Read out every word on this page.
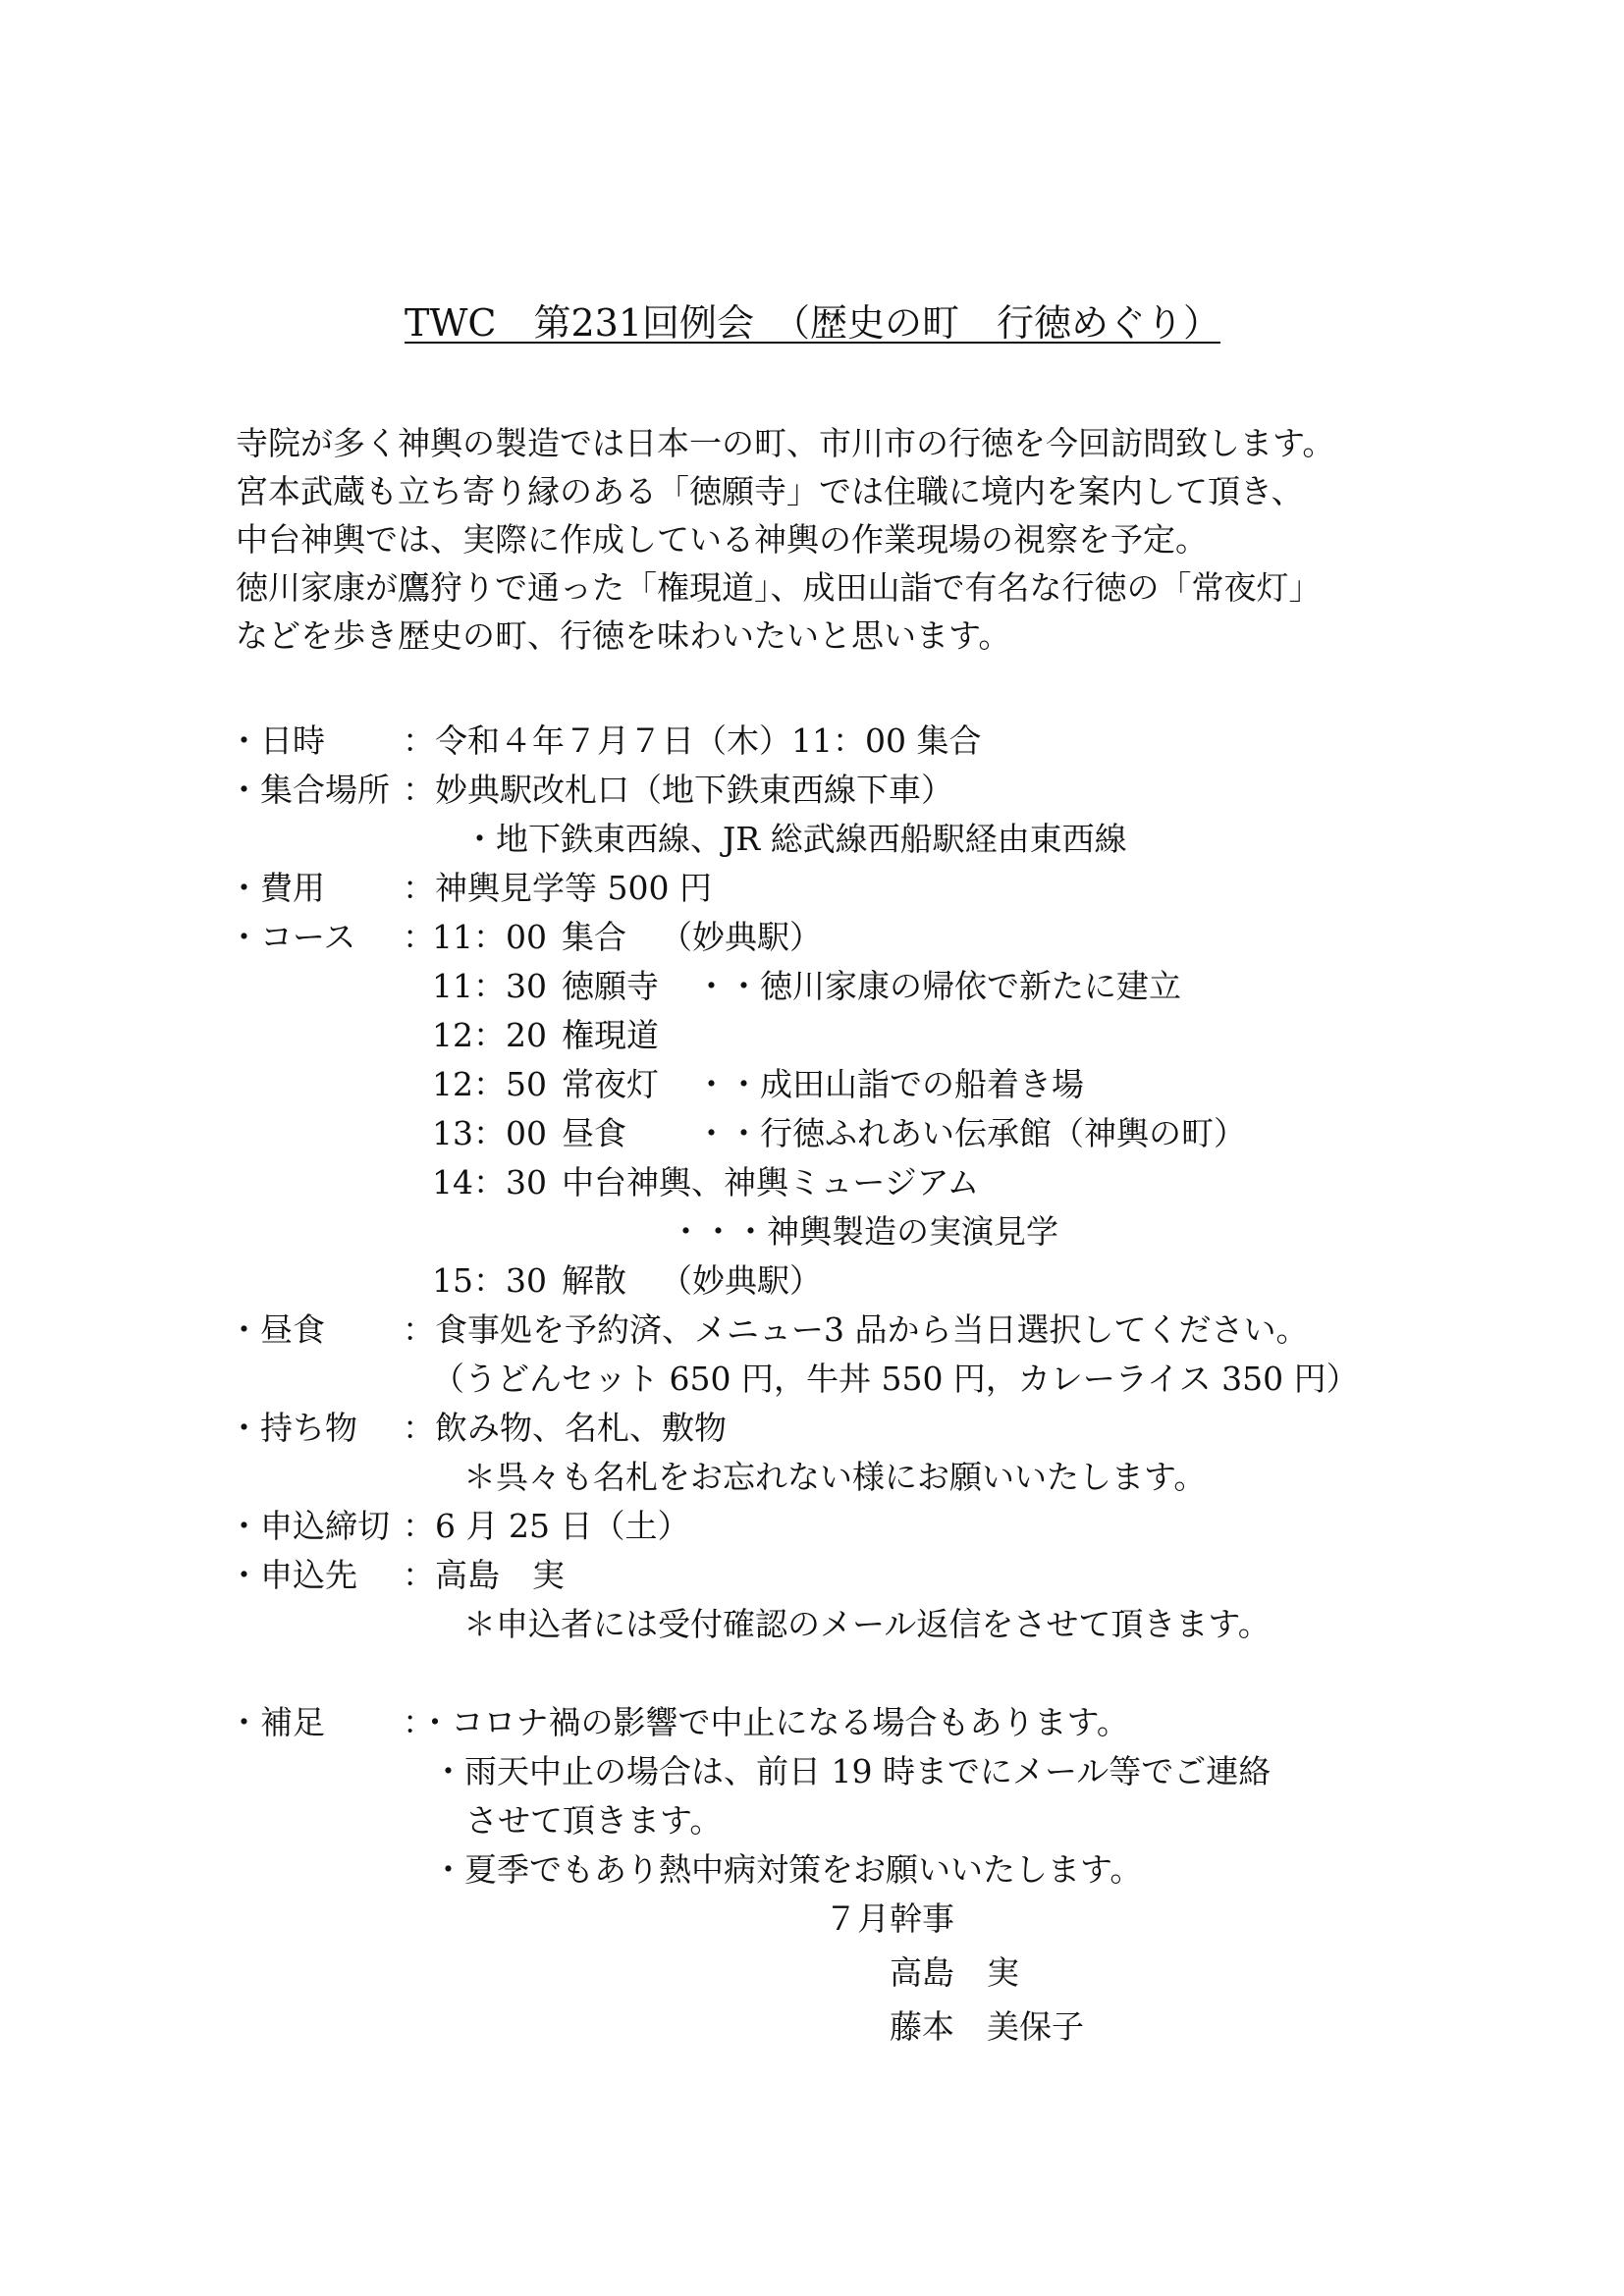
TWC　第231回例会　（歴史の町　行徳めぐり）
寺院が多く神輿の製造では日本一の町、市川市の行徳を今回訪問致します。
宮本武蔵も立ち寄り縁のある「徳願寺」では住職に境内を案内して頂き、
中台神輿では、実際に作成している神輿の作業現場の視察を予定。
徳川家康が鷹狩りで通った「権現道」、成田山詣で有名な行徳の「常夜灯」
などを歩き歴史の町、行徳を味わいたいと思います。
・日時 ：令和４年７月７日（木）11：00 集合
・集合場所 ：妙典駅改札口（地下鉄東西線下車）
・地下鉄東西線、JR 総武線西船駅経由東西線
・費用 ：神輿見学等 500 円
・コース ：
11：00 集合 （妙典駅）
11：30 徳願寺 ・・徳川家康の帰依で新たに建立
12：20 権現道
12：50 常夜灯 ・・成田山詣での船着き場
13：00 昼食 ・・行徳ふれあい伝承館（神輿の町）
14：30 中台神輿、神輿ミュージアム
・・・神輿製造の実演見学
15：30 解散 （妙典駅）
・昼食 ：食事処を予約済、メニュー3 品から当日選択してください。
（うどんセット 650 円，牛丼 550 円，カレーライス 350 円）
・持ち物 ：飲み物、名札、敷物
＊呉々も名札をお忘れない様にお願いいたします。
・申込締切 ：6 月 25 日（土）
・申込先 ：高島　実
＊申込者には受付確認のメール返信をさせて頂きます。
・補足 ：・コロナ禍の影響で中止になる場合もあります。
・雨天中止の場合は、前日 19 時までにメール等でご連絡
させて頂きます。
・夏季でもあり熱中病対策をお願いいたします。
７月幹事
高島　実
藤本　美保子
